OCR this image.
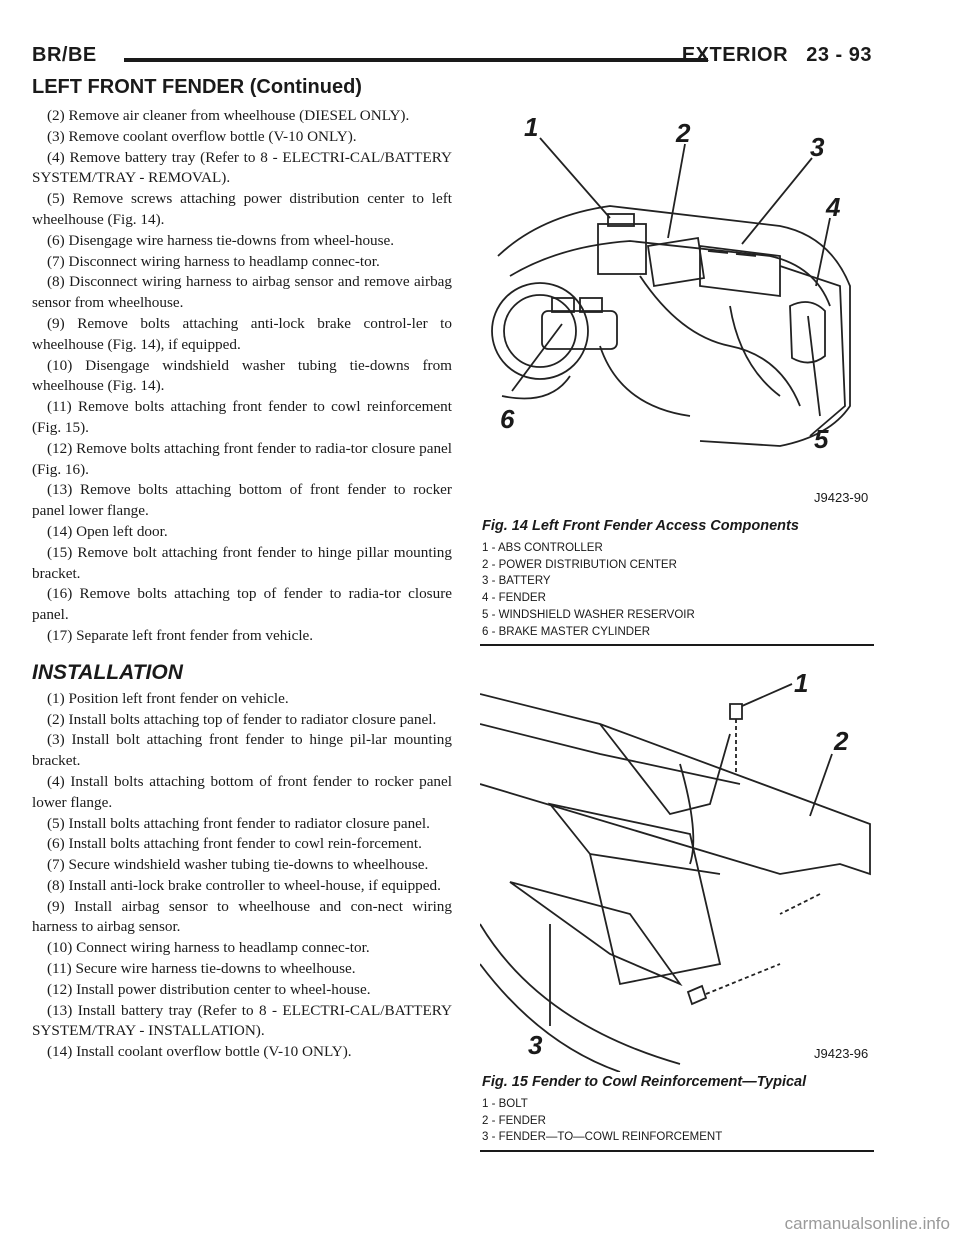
BR/BE	EXTERIOR 23 - 93
LEFT FRONT FENDER (Continued)

(2) Remove air cleaner from wheelhouse (DIESEL ONLY).

(3) Remove coolant overflow bottle (V-10 ONLY).

(4) Remove battery tray (Refer to 8 - ELECTRI-CAL/BATTERY SYSTEM/TRAY - REMOVAL).

(5) Remove screws attaching power distribution center to left wheelhouse (Fig. 14).

(6) Disengage wire harness tie-downs from wheel-house.

(7) Disconnect wiring harness to headlamp connec-tor.

(8) Disconnect wiring harness to airbag sensor and remove airbag sensor from wheelhouse.

(9) Remove bolts attaching anti-lock brake control-ler to wheelhouse (Fig. 14), if equipped.

(10) Disengage windshield washer tubing tie-downs from wheelhouse (Fig. 14).

(11) Remove bolts attaching front fender to cowl reinforcement (Fig. 15).

(12) Remove bolts attaching front fender to radia-tor closure panel (Fig. 16).

(13) Remove bolts attaching bottom of front fender to rocker panel lower flange.

(14) Open left door.

(15) Remove bolt attaching front fender to hinge pillar mounting bracket.

(16) Remove bolts attaching top of fender to radia-tor closure panel.

(17) Separate left front fender from vehicle.

INSTALLATION

(1) Position left front fender on vehicle.

(2) Install bolts attaching top of fender to radiator closure panel.

(3) Install bolt attaching front fender to hinge pil-lar mounting bracket.

(4) Install bolts attaching bottom of front fender to rocker panel lower flange.

(5) Install bolts attaching front fender to radiator closure panel.

(6) Install bolts attaching front fender to cowl rein-forcement.

(7) Secure windshield washer tubing tie-downs to wheelhouse.

(8) Install anti-lock brake controller to wheel-house, if equipped.

(9) Install airbag sensor to wheelhouse and con-nect wiring harness to airbag sensor.

(10) Connect wiring harness to headlamp connec-tor.

(11) Secure wire harness tie-downs to wheelhouse.

(12) Install power distribution center to wheel-house.

(13) Install battery tray (Refer to 8 - ELECTRI-CAL/BATTERY SYSTEM/TRAY - INSTALLATION).

(14) Install coolant overflow bottle (V-10 ONLY).

1	2	3
4
5
6
J9423-90
Fig. 14 Left Front Fender Access Components
1 - ABS CONTROLLER
2 - POWER DISTRIBUTION CENTER
3 - BATTERY
4 - FENDER
5 - WINDSHIELD WASHER RESERVOIR
6 - BRAKE MASTER CYLINDER
1
2
3	J9423-96
Fig. 15 Fender to Cowl Reinforcement—Typical
1 - BOLT
2 - FENDER
3 - FENDER—TO—COWL REINFORCEMENT
carmanualsonline.info
